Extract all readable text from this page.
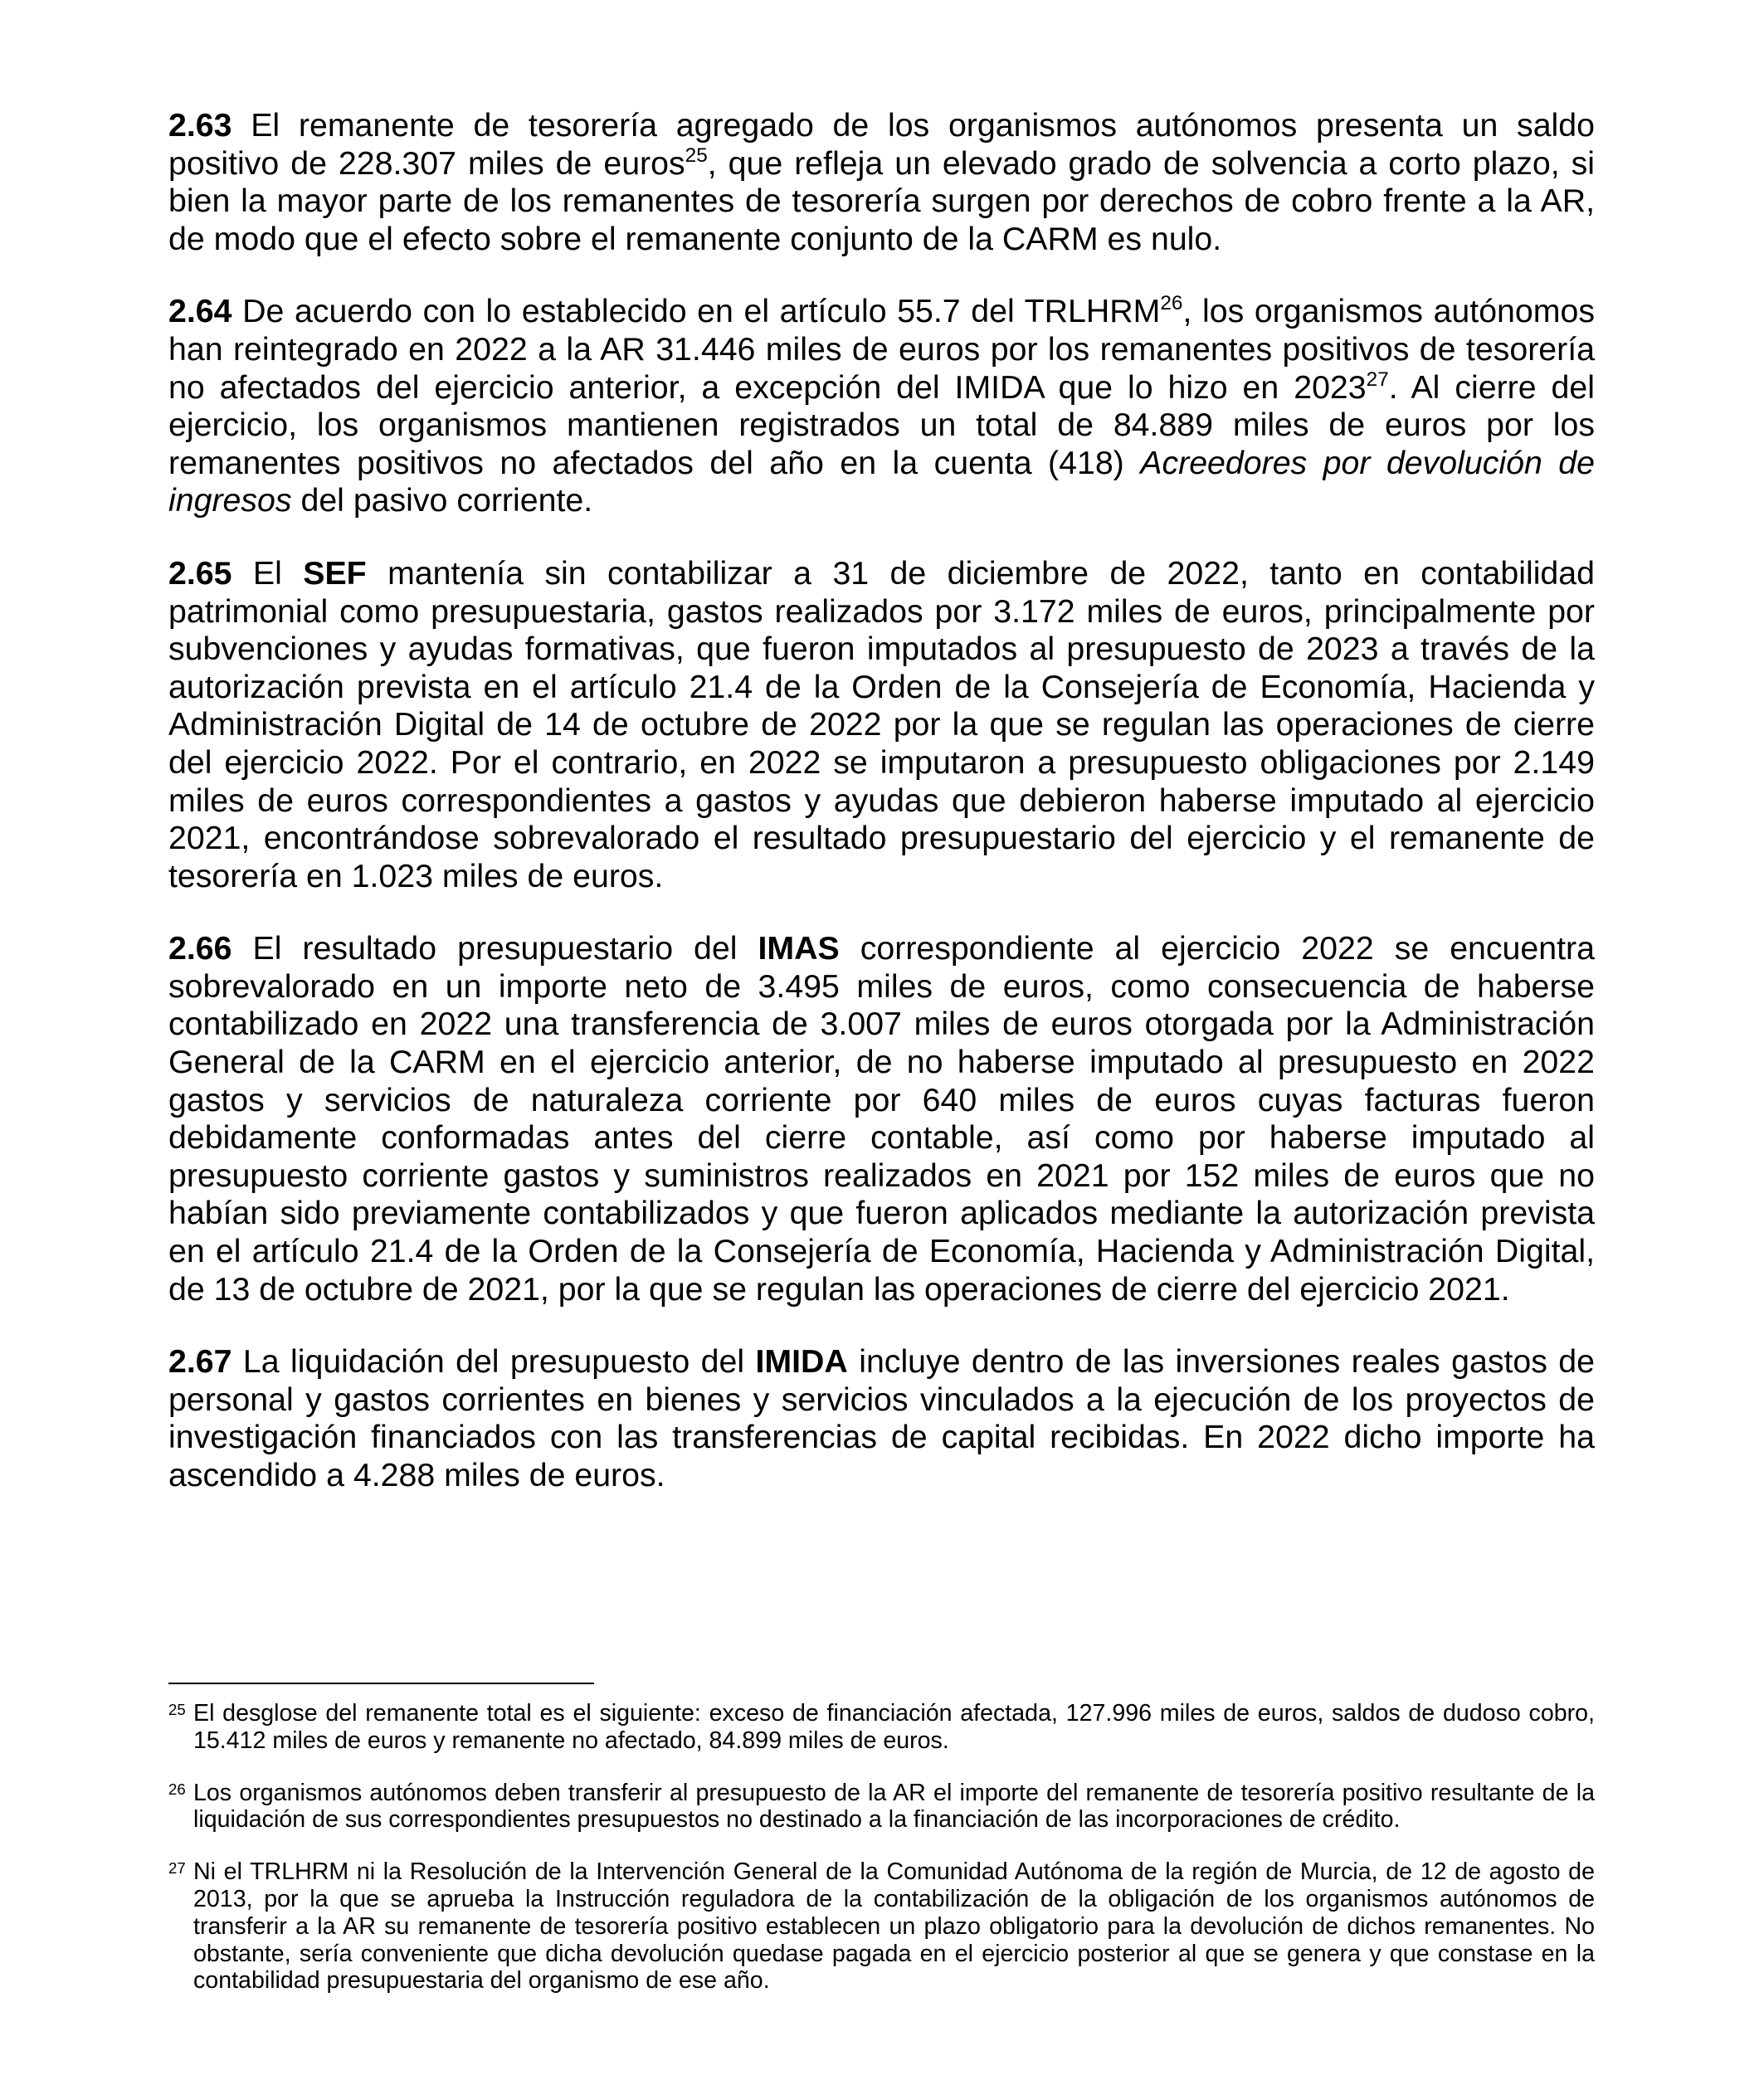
2.63 El remanente de tesorería agregado de los organismos autónomos presenta un saldo positivo de 228.307 miles de euros$^{25}$, que refleja un elevado grado de solvencia a corto plazo, si bien la mayor parte de los remanentes de tesorería surgen por derechos de cobro frente a la AR, de modo que el efecto sobre el remanente conjunto de la CARM es nulo.

2.64 De acuerdo con lo establecido en el artículo 55.7 del TRLHRM$^{26}$, los organismos autónomos han reintegrado en 2022 a la AR 31.446 miles de euros por los remanentes positivos de tesorería no afectados del ejercicio anterior, a excepción del IMIDA que lo hizo en 2023$^{27}$. Al cierre del ejercicio, los organismos mantienen registrados un total de 84.889 miles de euros por los remanentes positivos no afectados del año en la cuenta (418) Acreedores por devolución de ingresos del pasivo corriente.

2.65 El SEF mantenía sin contabilizar a 31 de diciembre de 2022, tanto en contabilidad patrimonial como presupuestaria, gastos realizados por 3.172 miles de euros, principalmente por subvenciones y ayudas formativas, que fueron imputados al presupuesto de 2023 a través de la autorización prevista en el artículo 21.4 de la Orden de la Consejería de Economía, Hacienda y Administración Digital de 14 de octubre de 2022 por la que se regulan las operaciones de cierre del ejercicio 2022. Por el contrario, en 2022 se imputaron a presupuesto obligaciones por 2.149 miles de euros correspondientes a gastos y ayudas que debieron haberse imputado al ejercicio 2021, encontrándose sobrevalorado el resultado presupuestario del ejercicio y el remanente de tesorería en 1.023 miles de euros.

2.66 El resultado presupuestario del IMAS correspondiente al ejercicio 2022 se encuentra sobrevalorado en un importe neto de 3.495 miles de euros, como consecuencia de haberse contabilizado en 2022 una transferencia de 3.007 miles de euros otorgada por la Administración General de la CARM en el ejercicio anterior, de no haberse imputado al presupuesto en 2022 gastos y servicios de naturaleza corriente por 640 miles de euros cuyas facturas fueron debidamente conformadas antes del cierre contable, así como por haberse imputado al presupuesto corriente gastos y suministros realizados en 2021 por 152 miles de euros que no habían sido previamente contabilizados y que fueron aplicados mediante la autorización prevista en el artículo 21.4 de la Orden de la Consejería de Economía, Hacienda y Administración Digital, de 13 de octubre de 2021, por la que se regulan las operaciones de cierre del ejercicio 2021.

2.67 La liquidación del presupuesto del IMIDA incluye dentro de las inversiones reales gastos de personal y gastos corrientes en bienes y servicios vinculados a la ejecución de los proyectos de investigación financiados con las transferencias de capital recibidas. En 2022 dicho importe ha ascendido a 4.288 miles de euros.

25 El desglose del remanente total es el siguiente: exceso de financiación afectada, 127.996 miles de euros, saldos de dudoso cobro, 15.412 miles de euros y remanente no afectado, 84.899 miles de euros.

26 Los organismos autónomos deben transferir al presupuesto de la AR el importe del remanente de tesorería positivo resultante de la liquidación de sus correspondientes presupuestos no destinado a la financiación de las incorporaciones de crédito.

27 Ni el TRLHRM ni la Resolución de la Intervención General de la Comunidad Autónoma de la región de Murcia, de 12 de agosto de 2013, por la que se aprueba la Instrucción reguladora de la contabilización de la obligación de los organismos autónomos de transferir a la AR su remanente de tesorería positivo establecen un plazo obligatorio para la devolución de dichos remanentes. No obstante, sería conveniente que dicha devolución quedase pagada en el ejercicio posterior al que se genera y que constase en la contabilidad presupuestaria del organismo de ese año.
